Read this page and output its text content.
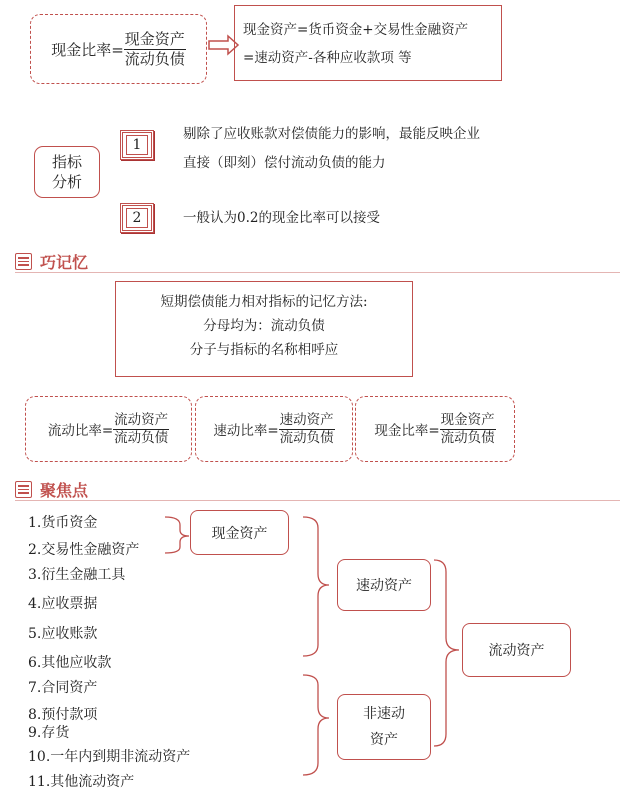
现金比率= $\frac{\text{现金资产}}{\text{流动负债}}$	现金资产=货币资金+交易性金融资产
=速动资产-各种应收款项 等
指标
分析
1
剔除了应收账款对偿债能力的影响，最能反映企业
直接（即刻）偿付流动负债的能力
2	一般认为0.2的现金比率可以接受
巧记忆
短期偿债能力相对指标的记忆方法:
分母均为：流动负债
分子与指标的名称相呼应
流动比率= $\frac{\text{流动资产}}{\text{流动负债}}$	速动比率= $\frac{\text{速动资产}}{\text{流动负债}}$	现金比率= $\frac{\text{现金资产}}{\text{流动负债}}$
聚焦点
1.货币资金
2.交易性金融资产
3.衍生金融工具
4.应收票据
5.应收账款
6.其他应收款
7.合同资产
8.预付款项
9.存货
10.一年内到期非流动资产
11.其他流动资产
现金资产
速动资产
非速动
资产
流动资产
